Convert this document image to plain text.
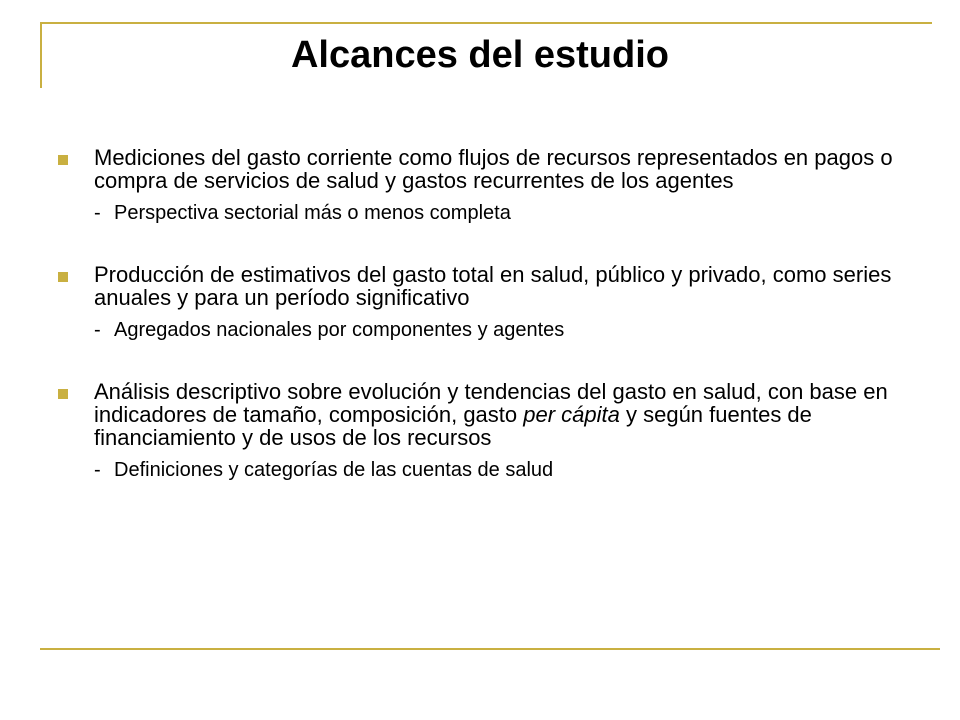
Alcances del estudio
Mediciones del gasto corriente como flujos de recursos representados en pagos o compra de servicios de salud y gastos recurrentes de los agentes
- Perspectiva sectorial más o menos completa
Producción de estimativos del gasto total en salud, público y privado, como series anuales y para un período significativo
- Agregados nacionales por componentes y agentes
Análisis descriptivo sobre evolución y tendencias del gasto en salud, con base en indicadores de tamaño, composición, gasto per cápita y según fuentes de financiamiento y de usos de los recursos
- Definiciones y categorías de las cuentas de salud
